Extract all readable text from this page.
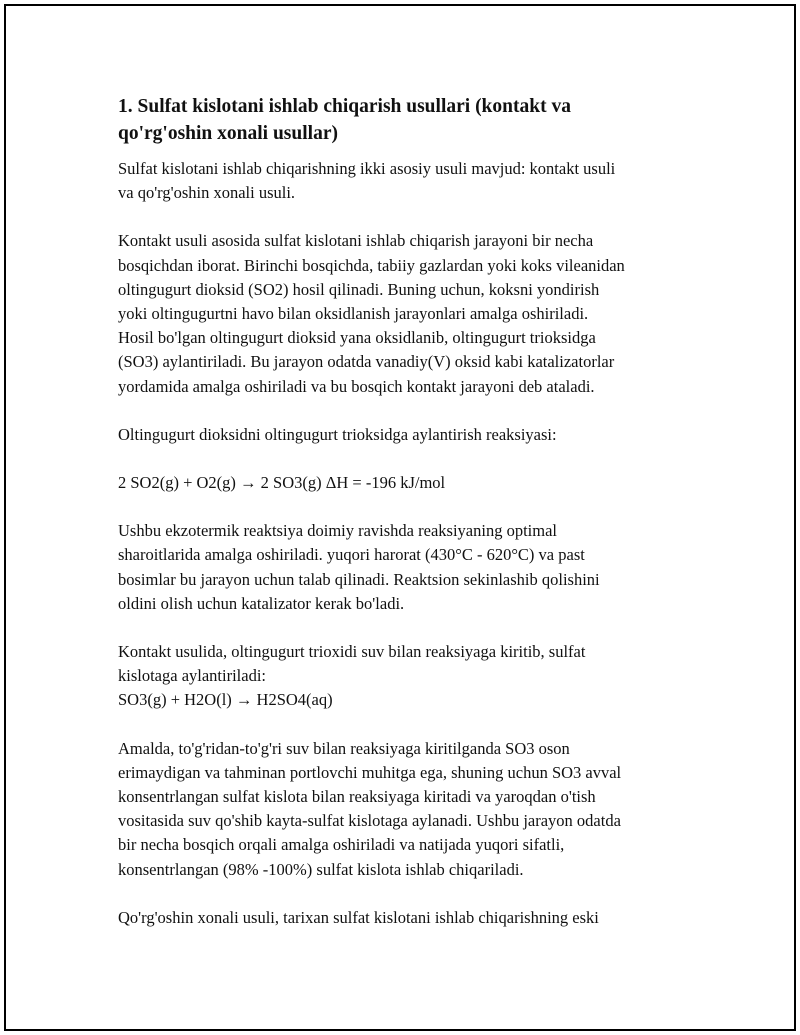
1. Sulfat kislotani ishlab chiqarish usullari (kontakt va
qo'rg'oshin xonali usullar)

Sulfat kislotani ishlab chiqarishning ikki asosiy usuli mavjud: kontakt usuli
va qo'rg'oshin xonali usuli.

Kontakt usuli asosida sulfat kislotani ishlab chiqarish jarayoni bir necha
bosqichdan iborat. Birinchi bosqichda, tabiiy gazlardan yoki koks vileanidan
oltingugurt dioksid (SO2) hosil qilinadi. Buning uchun, koksni yondirish
yoki oltingugurtni havo bilan oksidlanish jarayonlari amalga oshiriladi.
Hosil bo'lgan oltingugurt dioksid yana oksidlanib, oltingugurt trioksidga
(SO3) aylantiriladi. Bu jarayon odatda vanadiy(V) oksid kabi katalizatorlar
yordamida amalga oshiriladi va bu bosqich kontakt jarayoni deb ataladi.

Oltingugurt dioksidni oltingugurt trioksidga aylantirish reaksiyasi:

2 SO2(g) + O2(g) → 2 SO3(g) ΔH = -196 kJ/mol

Ushbu ekzotermik reaktsiya doimiy ravishda reaksiyaning optimal
sharoitlarida amalga oshiriladi. yuqori harorat (430°C - 620°C) va past
bosimlar bu jarayon uchun talab qilinadi. Reaktsion sekinlashib qolishini
oldini olish uchun katalizator kerak bo'ladi.

Kontakt usulida, oltingugurt trioxidi suv bilan reaksiyaga kiritib, sulfat
kislotaga aylantiriladi:
SO3(g) + H2O(l) → H2SO4(aq)

Amalda, to'g'ridan-to'g'ri suv bilan reaksiyaga kiritilganda SO3 oson
erimaydigan va tahminan portlovchi muhitga ega, shuning uchun SO3 avval
konsentrlangan sulfat kislota bilan reaksiyaga kiritadi va yaroqdan o'tish
vositasida suv qo'shib kayta-sulfat kislotaga aylanadi. Ushbu jarayon odatda
bir necha bosqich orqali amalga oshiriladi va natijada yuqori sifatli,
konsentrlangan (98% -100%) sulfat kislota ishlab chiqariladi.

Qo'rg'oshin xonali usuli, tarixan sulfat kislotani ishlab chiqarishning eski
